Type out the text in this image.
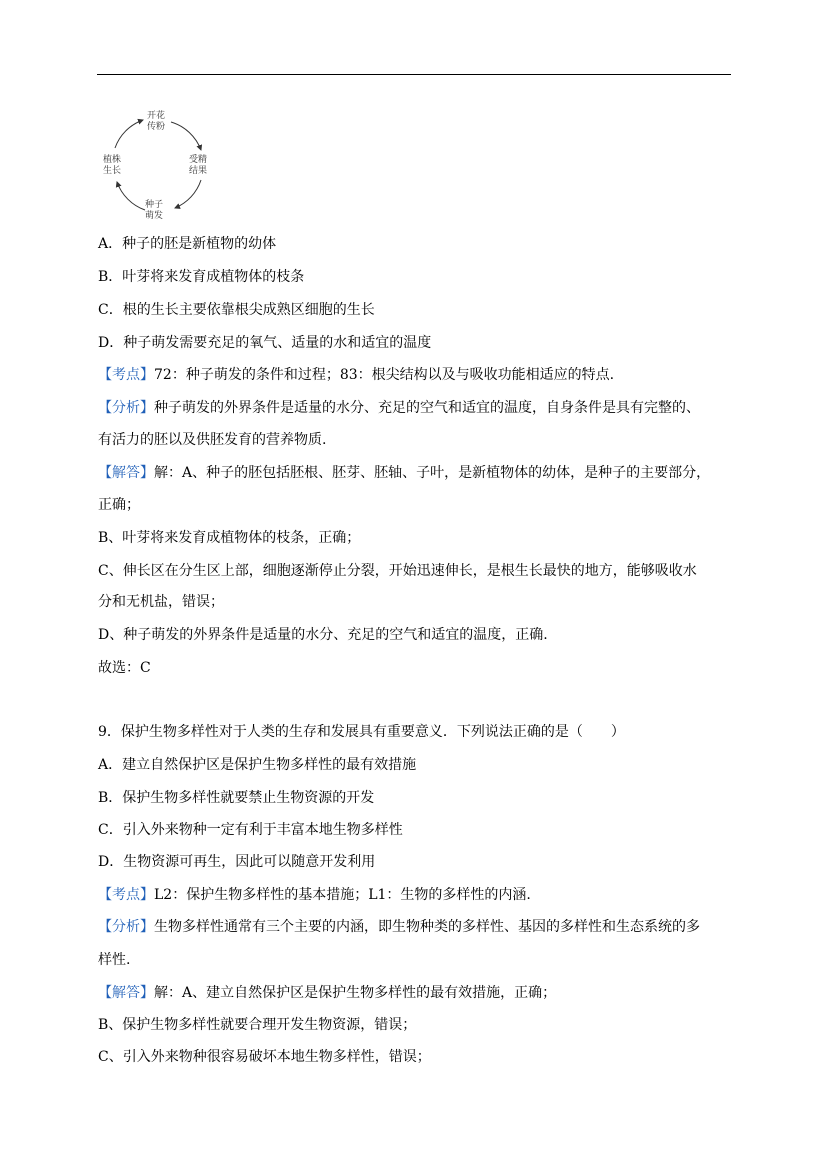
开花
传粉
受精
结果
种子
萌发
植株
生长
A．种子的胚是新植物的幼体
B．叶芽将来发育成植物体的枝条
C．根的生长主要依靠根尖成熟区细胞的生长
D．种子萌发需要充足的氧气、适量的水和适宜的温度
【考点】72：种子萌发的条件和过程；83：根尖结构以及与吸收功能相适应的特点.
【分析】种子萌发的外界条件是适量的水分、充足的空气和适宜的温度，自身条件是具有完整的、
有活力的胚以及供胚发育的营养物质.
【解答】解：A、种子的胚包括胚根、胚芽、胚轴、子叶，是新植物体的幼体，是种子的主要部分，
正确；
B、叶芽将来发育成植物体的枝条，正确；
C、伸长区在分生区上部，细胞逐渐停止分裂，开始迅速伸长，是根生长最快的地方，能够吸收水
分和无机盐，错误；
D、种子萌发的外界条件是适量的水分、充足的空气和适宜的温度，正确.
故选：C
9．保护生物多样性对于人类的生存和发展具有重要意义．下列说法正确的是（　　）
A．建立自然保护区是保护生物多样性的最有效措施
B．保护生物多样性就要禁止生物资源的开发
C．引入外来物种一定有利于丰富本地生物多样性
D．生物资源可再生，因此可以随意开发利用
【考点】L2：保护生物多样性的基本措施；L1：生物的多样性的内涵.
【分析】生物多样性通常有三个主要的内涵，即生物种类的多样性、基因的多样性和生态系统的多
样性.
【解答】解：A、建立自然保护区是保护生物多样性的最有效措施，正确；
B、保护生物多样性就要合理开发生物资源，错误；
C、引入外来物种很容易破坏本地生物多样性，错误；
